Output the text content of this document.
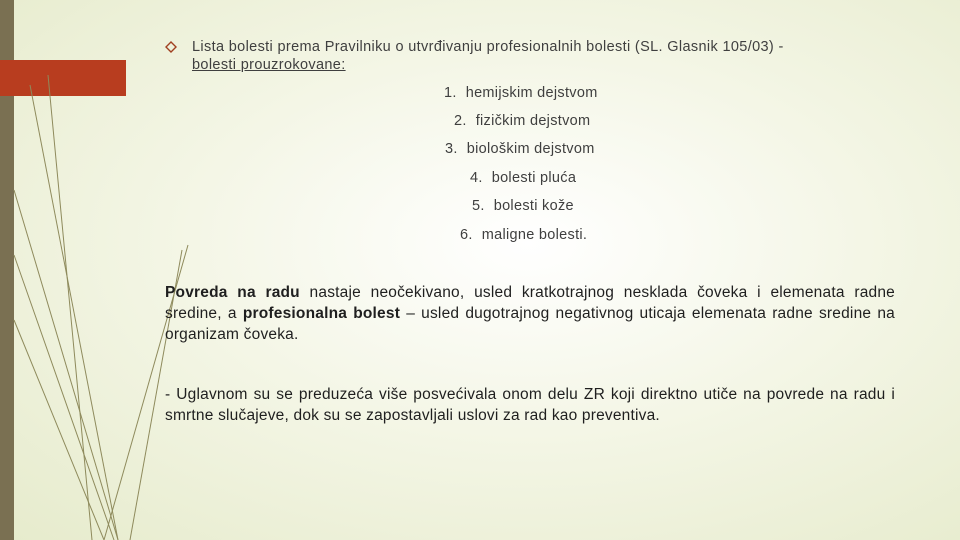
Lista bolesti prema Pravilniku o utvrđivanju profesionalnih bolesti (SL. Glasnik 105/03) -
bolesti prouzrokovane:
1. hemijskim dejstvom
2. fizičkim dejstvom
3. biološkim dejstvom
4. bolesti pluća
5. bolesti kože
6. maligne bolesti.
Povreda na radu nastaje neočekivano, usled kratkotrajnog nesklada čoveka i elemenata radne sredine, a profesionalna bolest – usled dugotrajnog negativnog uticaja elemenata radne sredine na organizam čoveka.
- Uglavnom su se preduzeća više posvećivala onom delu ZR koji direktno utiče na povrede na radu i smrtne slučajeve, dok su se zapostavljali uslovi za rad kao preventiva.
